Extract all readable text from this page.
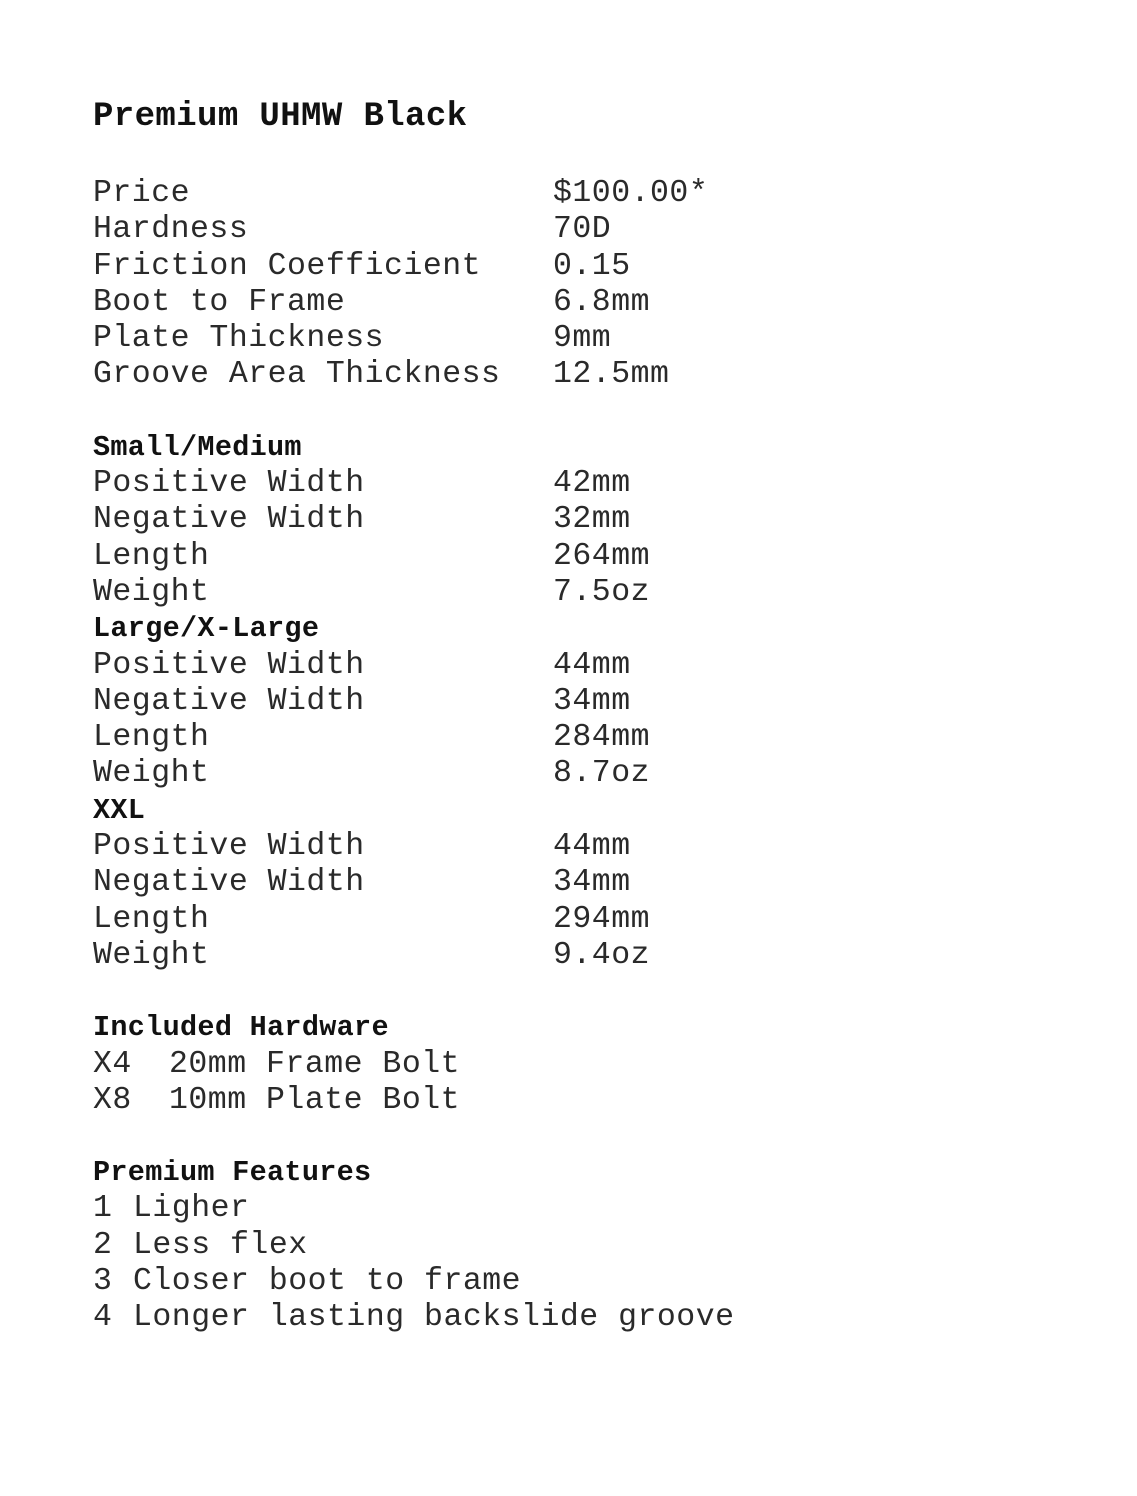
Premium UHMW Black
Price	$100.00*
Hardness	70D
Friction Coefficient	0.15
Boot to Frame	6.8mm
Plate Thickness	9mm
Groove Area Thickness	12.5mm
Small/Medium
Positive Width	42mm
Negative Width	32mm
Length	264mm
Weight	7.5oz
Large/X-Large
Positive Width	44mm
Negative Width	34mm
Length	284mm
Weight	8.7oz
XXL
Positive Width	44mm
Negative Width	34mm
Length	294mm
Weight	9.4oz
Included Hardware
X4	20mm Frame Bolt
X8	10mm Plate Bolt
Premium Features
1 Ligher
2 Less flex
3 Closer boot to frame
4 Longer lasting backslide groove
